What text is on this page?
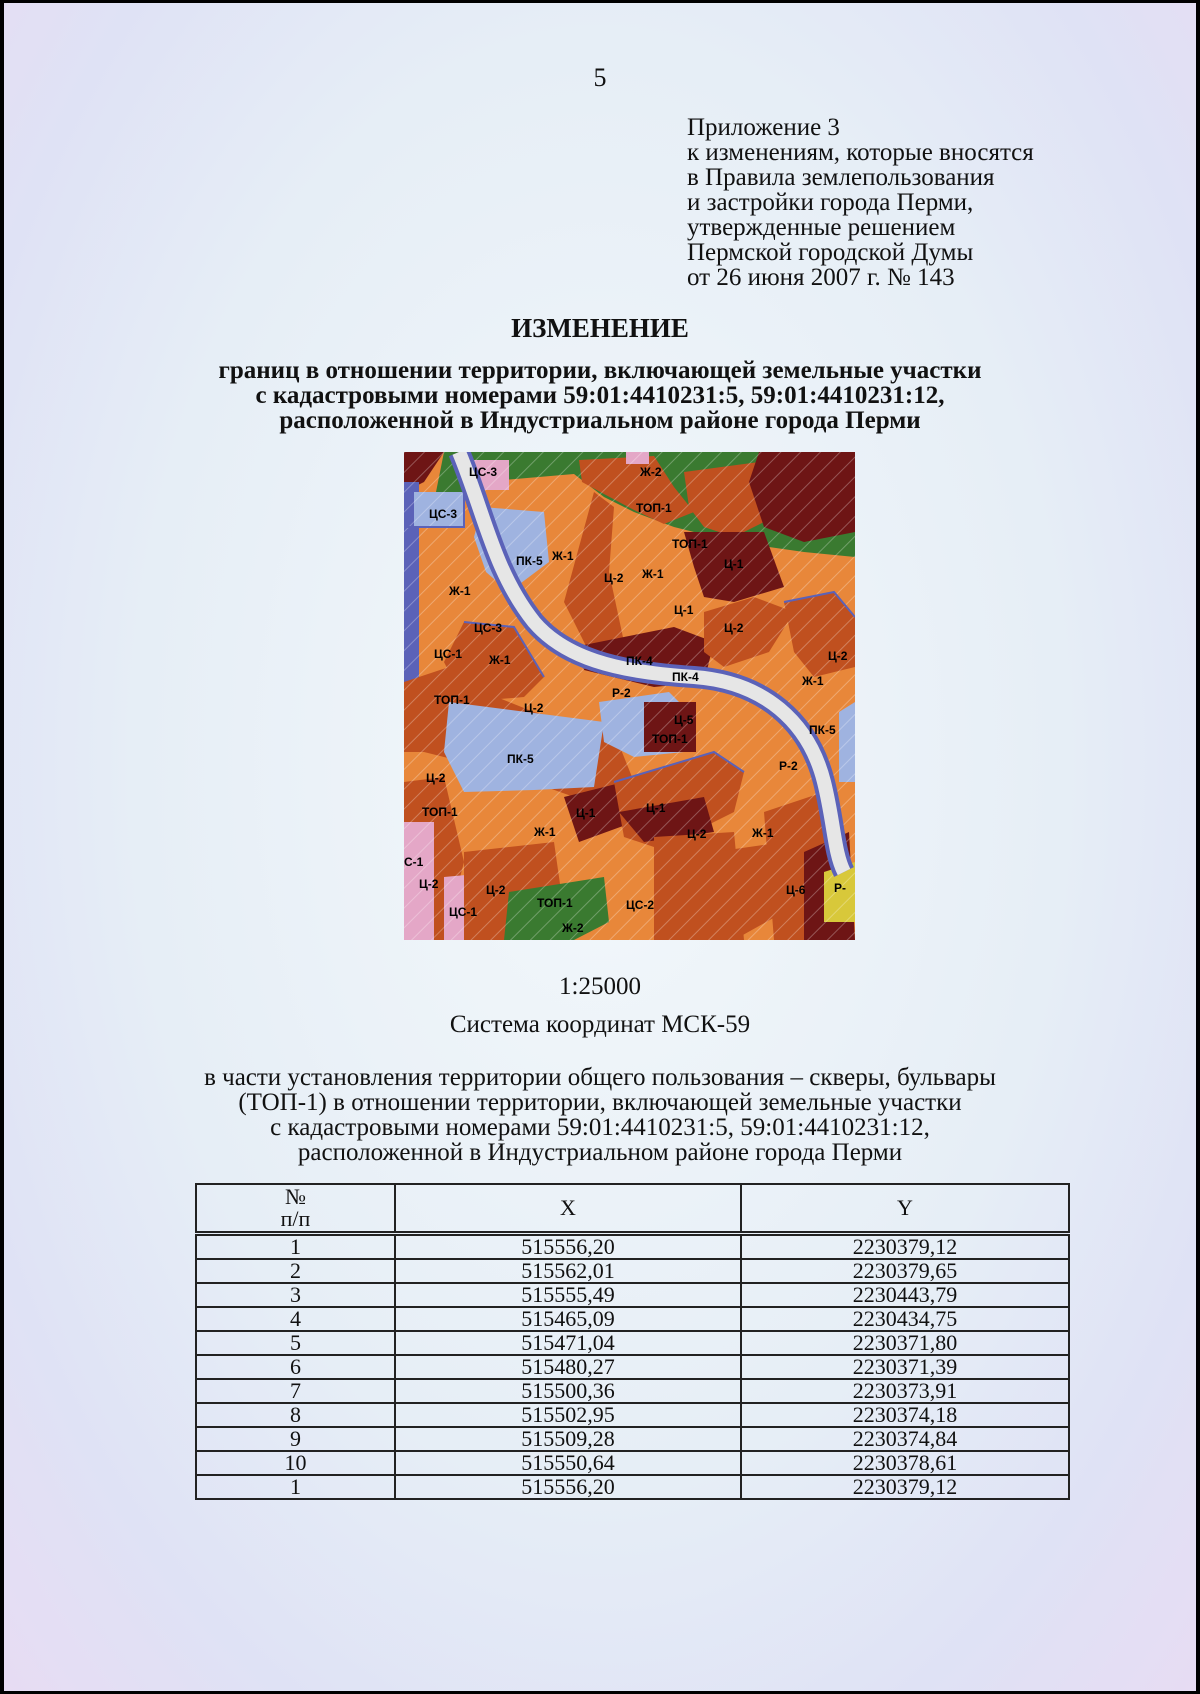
5
Приложение 3
к изменениям, которые вносятся
в Правила землепользования
и застройки города Перми,
утвержденные решением
Пермской городской Думы
от 26 июня 2007 г. № 143
ИЗМЕНЕНИЕ
границ в отношении территории, включающей земельные участки
с кадастровыми номерами 59:01:4410231:5, 59:01:4410231:12,
расположенной в Индустриальном районе города Перми
ЦС-3	Ж-2
ТОП-1
ЦС-3
ПК-5 Ж-1
ТОП-1
Ц-2 Ж-1
Ц-1
Ж-1
ЦС-3
Ц-1
ЦС-1 Ж-1	ПК-4
Ц-2
ПК-4
Ц-2
Ж-1
ТОП-1
Ц-2
Р-2
Ц-5
ТОП-1
ПК-5
ПК-5
Ц-2
Р-2
ТОП-1	Ц-1	Ц-1
Ж-1	Ц-2	Ж-1
С-1
Ц-2	Ц-2
ТОП-1	ЦС-2
Ц-6
ЦС-1
Ж-2
Р-
1:25000
Система координат МСК-59
в части установления территории общего пользования – скверы, бульвары
(ТОП-1) в отношении территории, включающей земельные участки
с кадастровыми номерами 59:01:4410231:5, 59:01:4410231:12,
расположенной в Индустриальном районе города Перми
№
п/п	X	Y
1	515556,20	2230379,12
2	515562,01	2230379,65
3	515555,49	2230443,79
4	515465,09	2230434,75
5	515471,04	2230371,80
6	515480,27	2230371,39
7	515500,36	2230373,91
8	515502,95	2230374,18
9	515509,28	2230374,84
10	515550,64	2230378,61
1	515556,20	2230379,12
